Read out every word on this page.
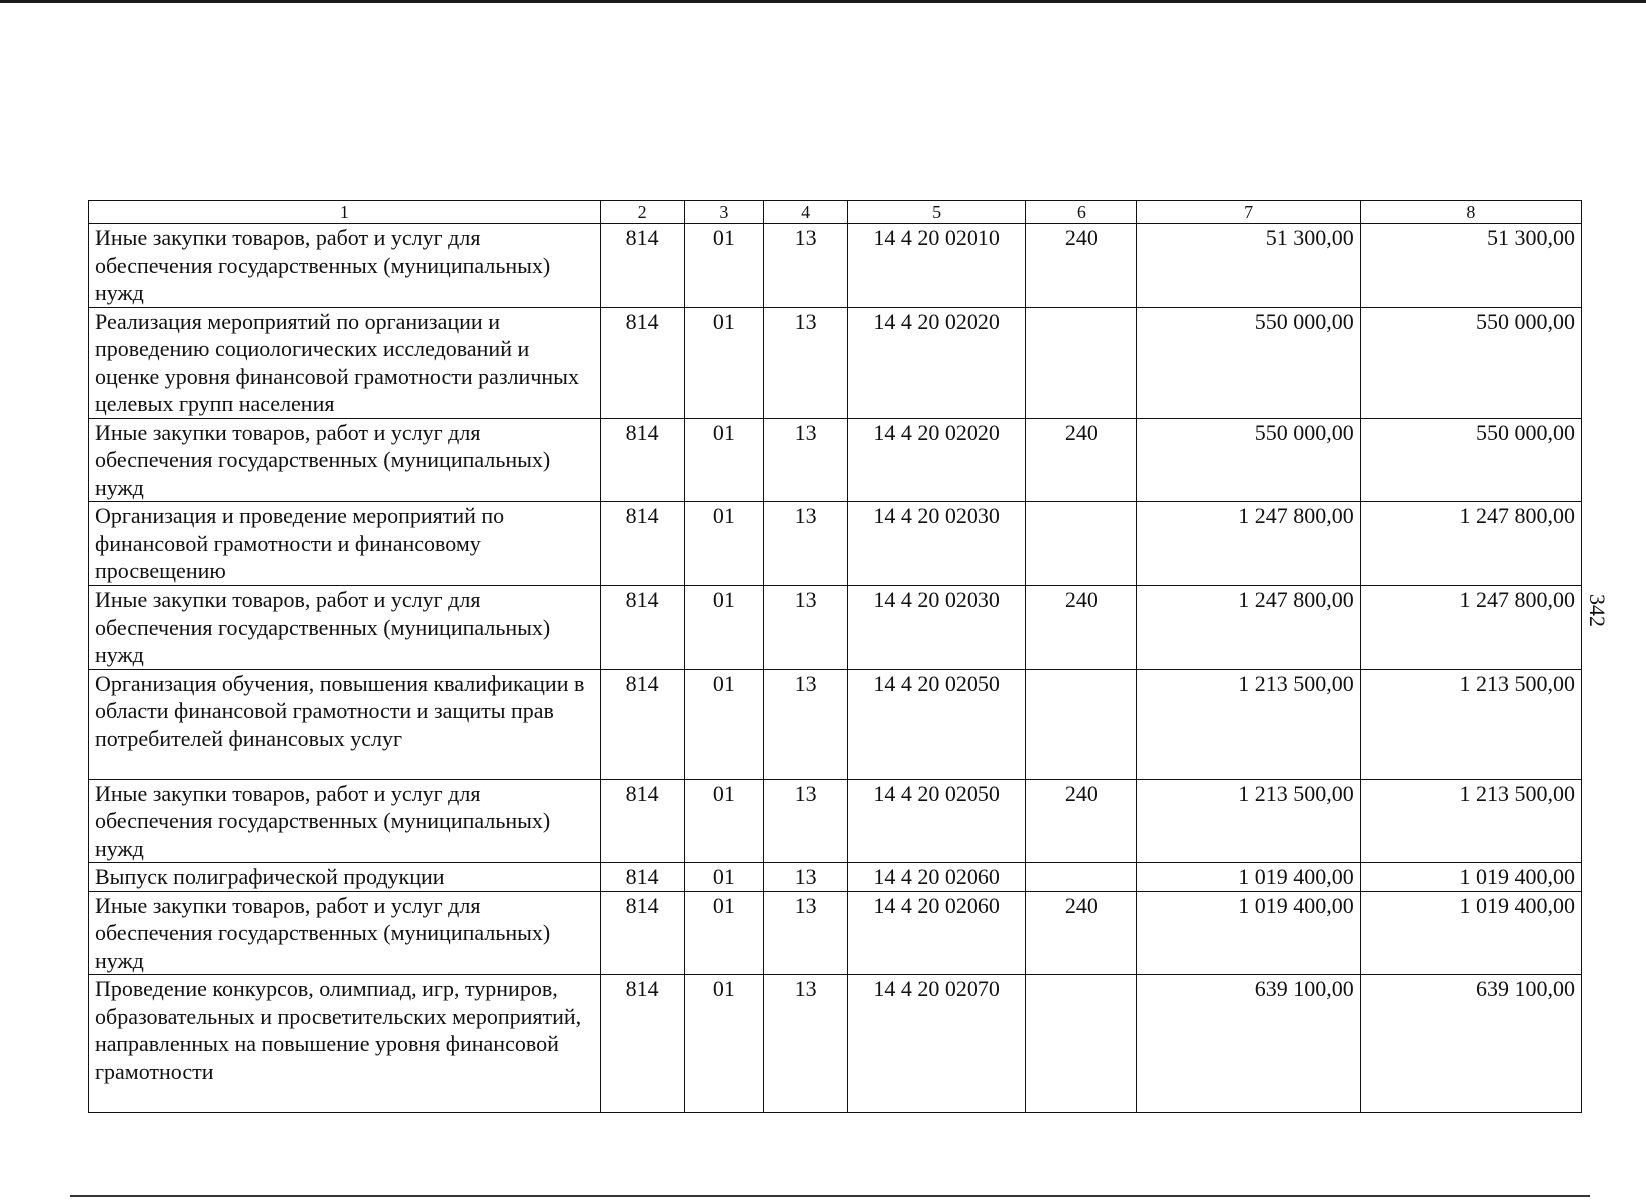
1	2	3	4	5	6	7	8
Иные закупки товаров, работ и услуг для обеспечения государственных (муниципальных) нужд	814	01	13	14 4 20 02010	240	51 300,00	51 300,00
Реализация мероприятий по организации и проведению социологических исследований и оценке уровня финансовой грамотности различных целевых групп населения	814	01	13	14 4 20 02020		550 000,00	550 000,00
Иные закупки товаров, работ и услуг для обеспечения государственных (муниципальных) нужд	814	01	13	14 4 20 02020	240	550 000,00	550 000,00
Организация и проведение мероприятий по финансовой грамотности и финансовому просвещению	814	01	13	14 4 20 02030		1 247 800,00	1 247 800,00
Иные закупки товаров, работ и услуг для обеспечения государственных (муниципальных) нужд	814	01	13	14 4 20 02030	240	1 247 800,00	1 247 800,00
Организация обучения, повышения квалификации в области финансовой грамотности и защиты прав потребителей финансовых услуг	814	01	13	14 4 20 02050		1 213 500,00	1 213 500,00
Иные закупки товаров, работ и услуг для обеспечения государственных (муниципальных) нужд	814	01	13	14 4 20 02050	240	1 213 500,00	1 213 500,00
Выпуск полиграфической продукции	814	01	13	14 4 20 02060		1 019 400,00	1 019 400,00
Иные закупки товаров, работ и услуг для обеспечения государственных (муниципальных) нужд	814	01	13	14 4 20 02060	240	1 019 400,00	1 019 400,00
Проведение конкурсов, олимпиад, игр, турниров, образовательных и просветительских мероприятий, направленных на повышение уровня финансовой грамотности	814	01	13	14 4 20 02070		639 100,00	639 100,00
342
